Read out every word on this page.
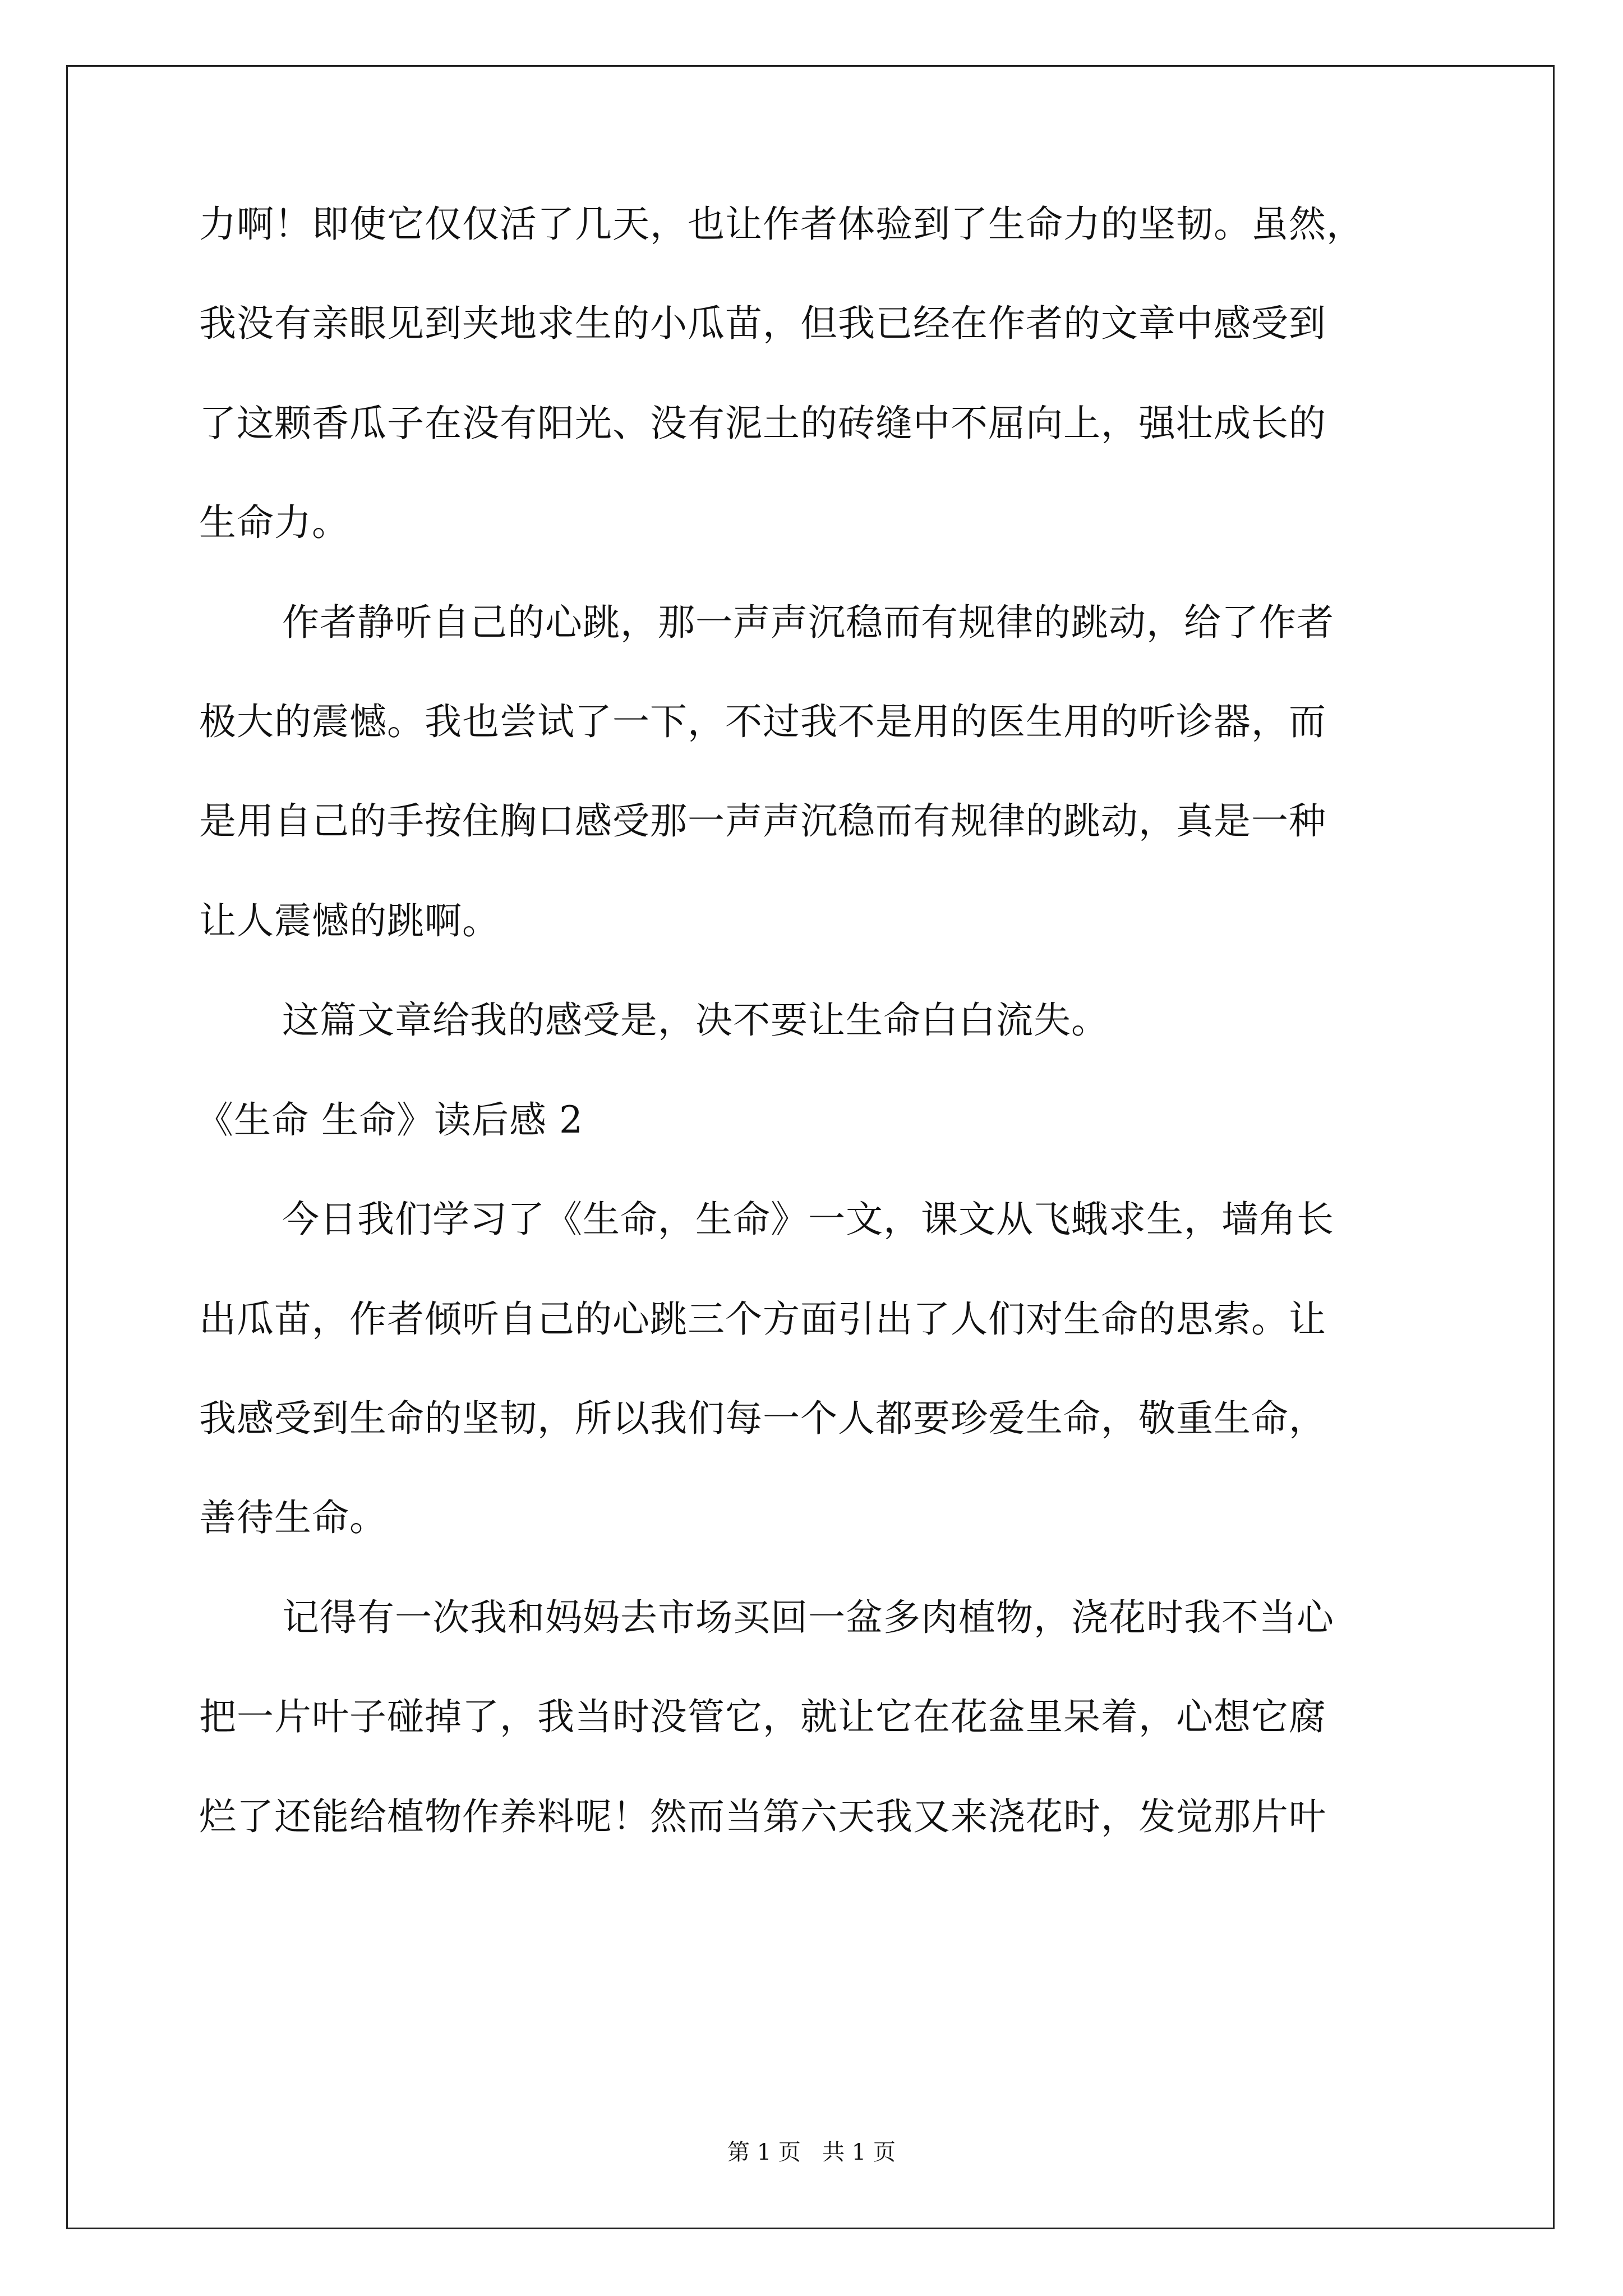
力啊！即使它仅仅活了几天，也让作者体验到了生命力的坚韧。虽然，
我没有亲眼见到夹地求生的小瓜苗，但我已经在作者的文章中感受到
了这颗香瓜子在没有阳光、没有泥土的砖缝中不屈向上，强壮成长的
生命力。
作者静听自己的心跳，那一声声沉稳而有规律的跳动，给了作者
极大的震憾。我也尝试了一下，不过我不是用的医生用的听诊器，而
是用自己的手按住胸口感受那一声声沉稳而有规律的跳动，真是一种
让人震憾的跳啊。
这篇文章给我的感受是，决不要让生命白白流失。
《生命 生命》读后感 2
今日我们学习了《生命，生命》一文，课文从飞蛾求生，墙角长
出瓜苗，作者倾听自己的心跳三个方面引出了人们对生命的思索。让
我感受到生命的坚韧，所以我们每一个人都要珍爱生命，敬重生命，
善待生命。
记得有一次我和妈妈去市场买回一盆多肉植物，浇花时我不当心
把一片叶子碰掉了，我当时没管它，就让它在花盆里呆着，心想它腐
烂了还能给植物作养料呢！然而当第六天我又来浇花时，发觉那片叶
第 1 页   共 1 页
